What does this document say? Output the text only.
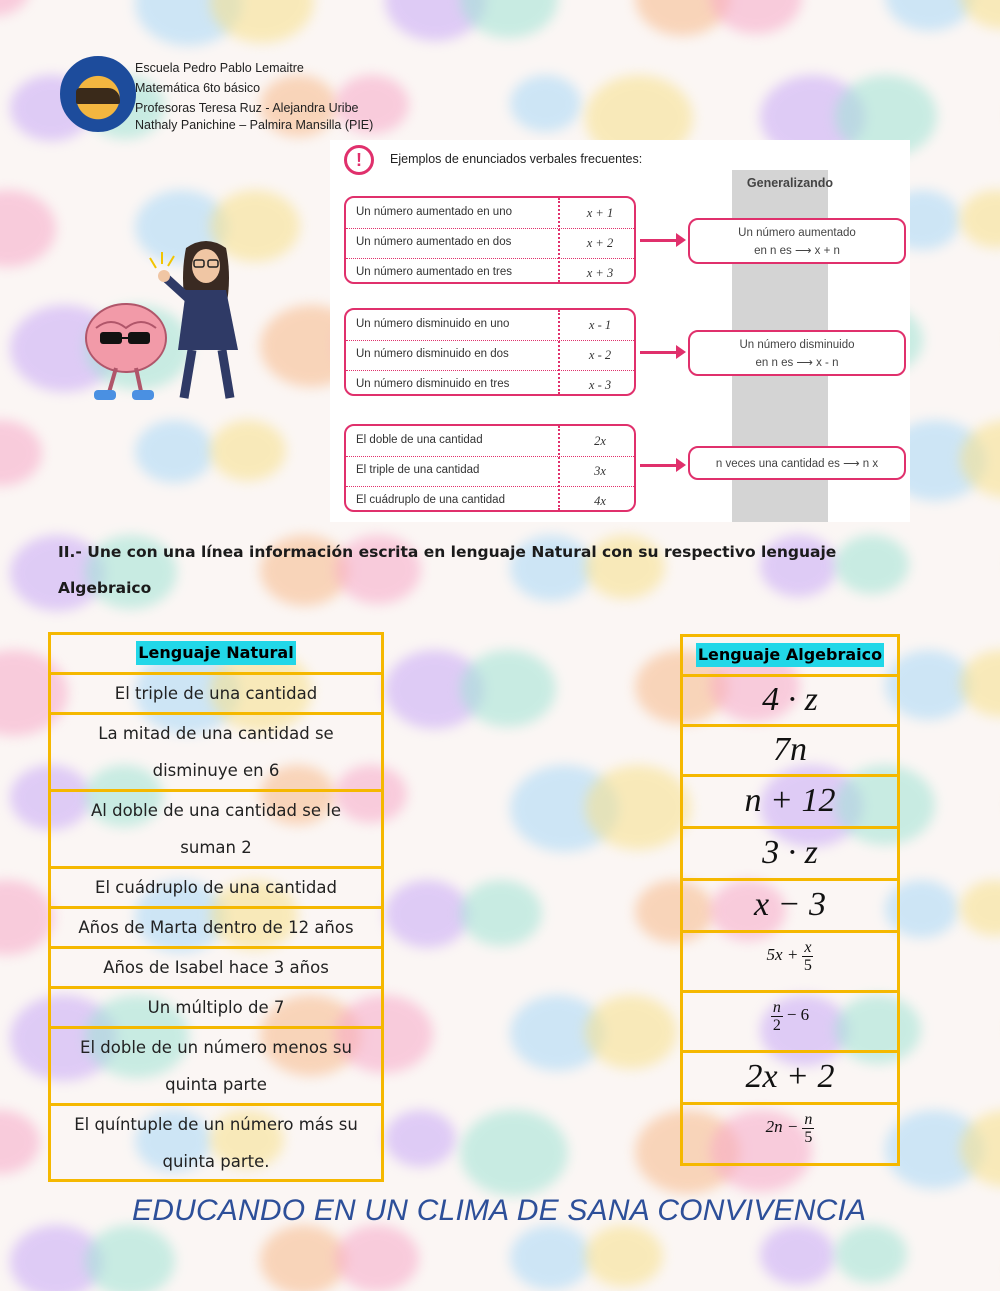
Escuela Pedro Pablo Lemaitre
Matemática 6to básico
Profesoras Teresa Ruz - Alejandra Uribe
Nathaly Panichine – Palmira Mansilla (PIE)
!	Ejemplos de enunciados verbales frecuentes:
Generalizando
Un número aumentado en uno	x + 1
Un número aumentado en dos	x + 2
Un número aumentado en tres	x + 3
Un número aumentado
en n es ⟶ x + n
Un número disminuido en uno	x - 1
Un número disminuido en dos	x - 2
Un número disminuido en tres	x - 3
Un número disminuido
en n es ⟶ x - n
El doble de una cantidad	2x
El triple de una cantidad	3x
El cuádruplo de una cantidad	4x
n veces una cantidad es ⟶ n x
II.- Une con una línea información escrita en lenguaje Natural con su respectivo lenguaje
Algebraico
Lenguaje Natural
El triple de una cantidad
La mitad de una cantidad se
disminuye en 6
Al doble de una cantidad se le
suman 2
El cuádruplo de una cantidad
Años de Marta dentro de 12 años
Años de Isabel hace 3 años
Un múltiplo de 7
El doble de un número menos su
quinta parte
El quíntuple de un número más su
quinta parte.
Lenguaje Algebraico
4 · z
7n
n + 12
3 · z
x − 3
$5x + \frac{x}{5}$
$\frac{n}{2} - 6$
2x + 2
$2n - \frac{n}{5}$
EDUCANDO EN UN CLIMA DE SANA CONVIVENCIA
